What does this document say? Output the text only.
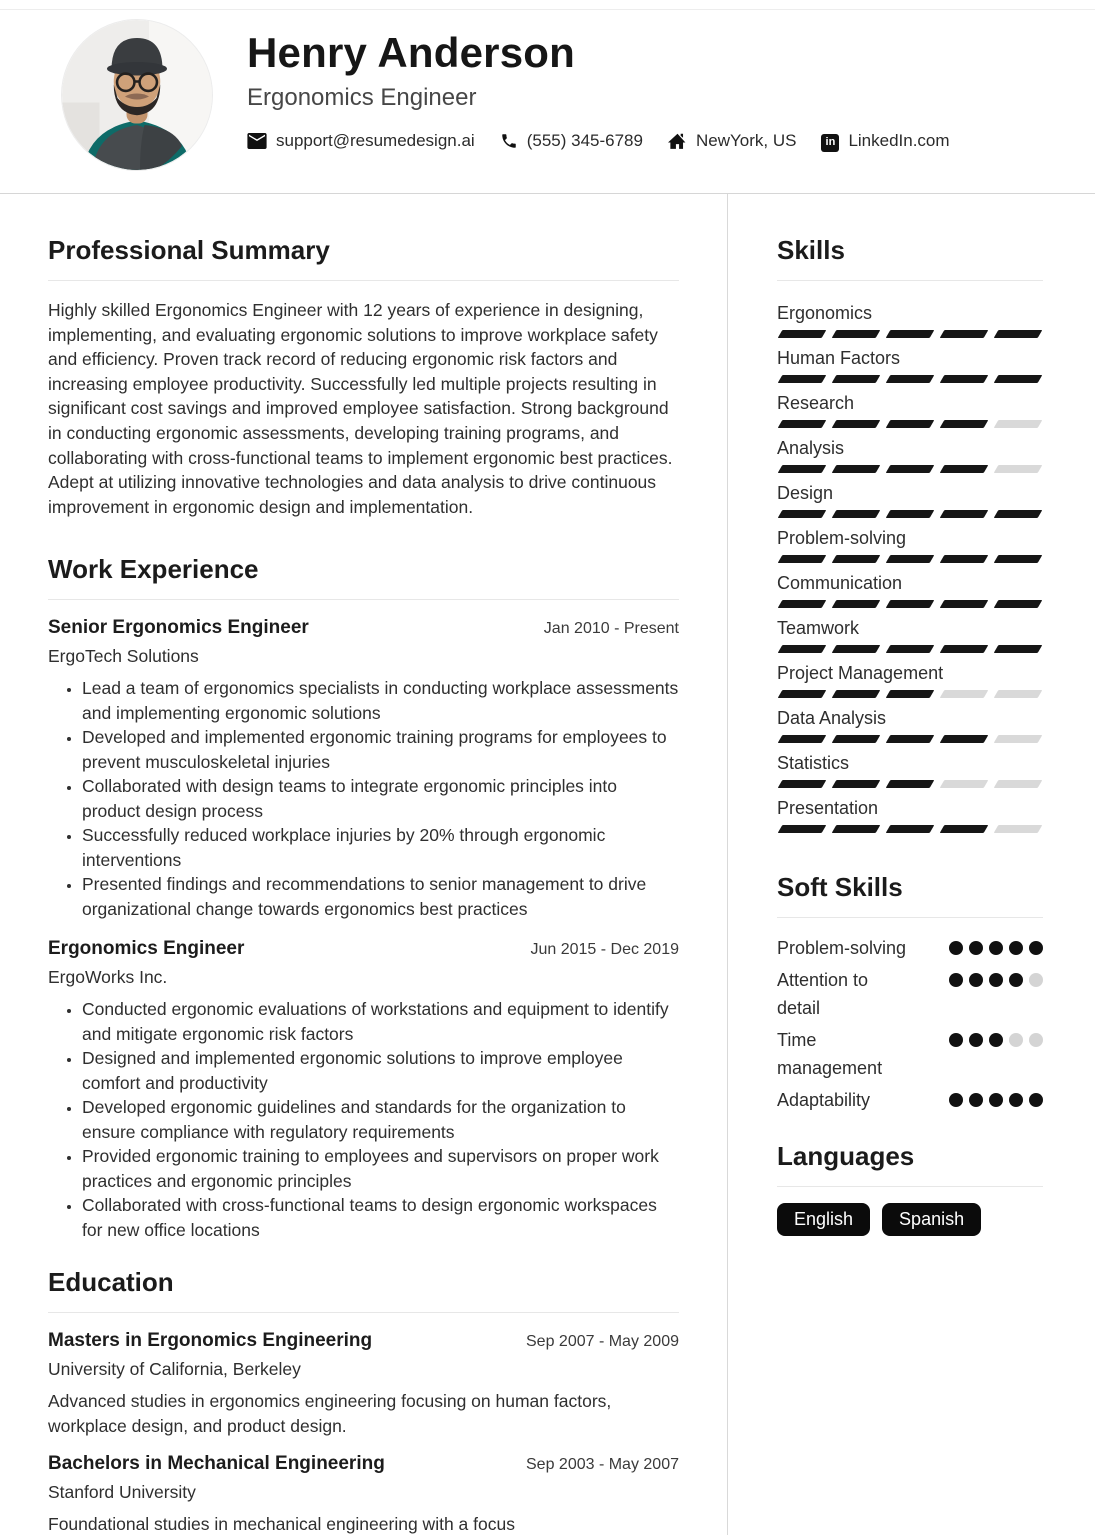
Henry Anderson
Ergonomics Engineer
support@resumedesign.ai	(555) 345-6789	NewYork, US	in LinkedIn.com
Professional Summary

Highly skilled Ergonomics Engineer with 12 years of experience in designing, implementing, and evaluating ergonomic solutions to improve workplace safety and efficiency. Proven track record of reducing ergonomic risk factors and increasing employee productivity. Successfully led multiple projects resulting in significant cost savings and improved employee satisfaction. Strong background in conducting ergonomic assessments, developing training programs, and collaborating with cross-functional teams to implement ergonomic best practices. Adept at utilizing innovative technologies and data analysis to drive continuous improvement in ergonomic design and implementation.

Work Experience
Senior Ergonomics Engineer	Jan 2010 - Present
ErgoTech Solutions
• Lead a team of ergonomics specialists in conducting workplace assessments and implementing ergonomic solutions
• Developed and implemented ergonomic training programs for employees to prevent musculoskeletal injuries
• Collaborated with design teams to integrate ergonomic principles into product design process
• Successfully reduced workplace injuries by 20% through ergonomic interventions
• Presented findings and recommendations to senior management to drive organizational change towards ergonomics best practices
Ergonomics Engineer	Jun 2015 - Dec 2019
ErgoWorks Inc.
• Conducted ergonomic evaluations of workstations and equipment to identify and mitigate ergonomic risk factors
• Designed and implemented ergonomic solutions to improve employee comfort and productivity
• Developed ergonomic guidelines and standards for the organization to ensure compliance with regulatory requirements
• Provided ergonomic training to employees and supervisors on proper work practices and ergonomic principles
• Collaborated with cross-functional teams to design ergonomic workspaces for new office locations
Education
Masters in Ergonomics Engineering	Sep 2007 - May 2009
University of California, Berkeley

Advanced studies in ergonomics engineering focusing on human factors, workplace design, and product design.

Bachelors in Mechanical Engineering	Sep 2003 - May 2007
Stanford University

Foundational studies in mechanical engineering with a focus

Skills
Ergonomics
Human Factors
Research
Analysis
Design
Problem-solving
Communication
Teamwork
Project Management
Data Analysis
Statistics
Presentation
Soft Skills
Problem-solving
Attention to detail
Time management
Adaptability
Languages
English	Spanish
